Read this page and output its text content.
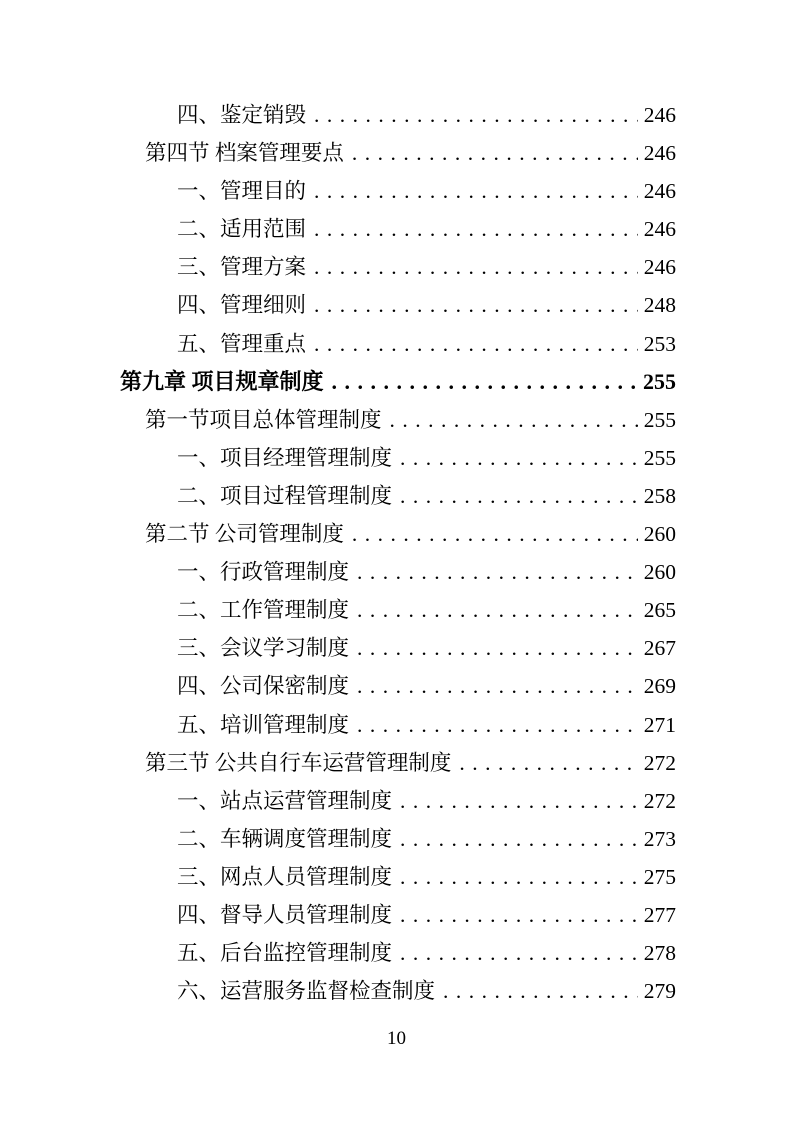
四、鉴定销毁 .....	246
第四节 档案管理要点 .....	246
一、管理目的 .....	246
二、适用范围 .....	246
三、管理方案 .....	246
四、管理细则 .....	248
五、管理重点 .....	253
第九章 项目规章制度 .....	255
第一节项目总体管理制度 .....	255
一、项目经理管理制度 .....	255
二、项目过程管理制度 .....	258
第二节 公司管理制度 .....	260
一、行政管理制度 .....	260
二、工作管理制度 .....	265
三、会议学习制度 .....	267
四、公司保密制度 .....	269
五、培训管理制度 .....	271
第三节 公共自行车运营管理制度 .....	272
一、站点运营管理制度 .....	272
二、车辆调度管理制度 .....	273
三、网点人员管理制度 .....	275
四、督导人员管理制度 .....	277
五、后台监控管理制度 .....	278
六、运营服务监督检查制度 .....	279
10
